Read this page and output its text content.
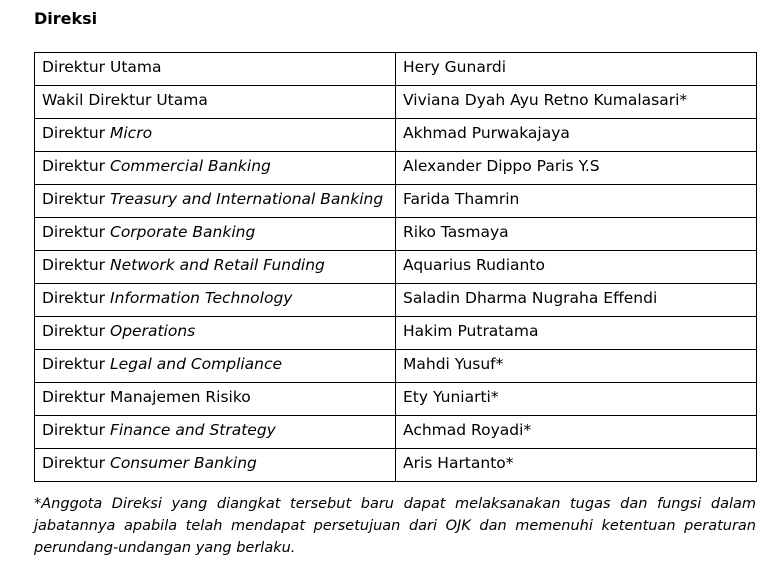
Direksi
Direktur Utama	Hery Gunardi
Wakil Direktur Utama	Viviana Dyah Ayu Retno Kumalasari*
Direktur Micro	Akhmad Purwakajaya
Direktur Commercial Banking	Alexander Dippo Paris Y.S
Direktur Treasury and International Banking	Farida Thamrin
Direktur Corporate Banking	Riko Tasmaya
Direktur Network and Retail Funding	Aquarius Rudianto
Direktur Information Technology	Saladin Dharma Nugraha Effendi
Direktur Operations	Hakim Putratama
Direktur Legal and Compliance	Mahdi Yusuf*
Direktur Manajemen Risiko	Ety Yuniarti*
Direktur Finance and Strategy	Achmad Royadi*
Direktur Consumer Banking	Aris Hartanto*
*Anggota Direksi yang diangkat tersebut baru dapat melaksanakan tugas dan fungsi dalam jabatannya apabila telah mendapat persetujuan dari OJK dan memenuhi ketentuan peraturan perundang-undangan yang berlaku.
